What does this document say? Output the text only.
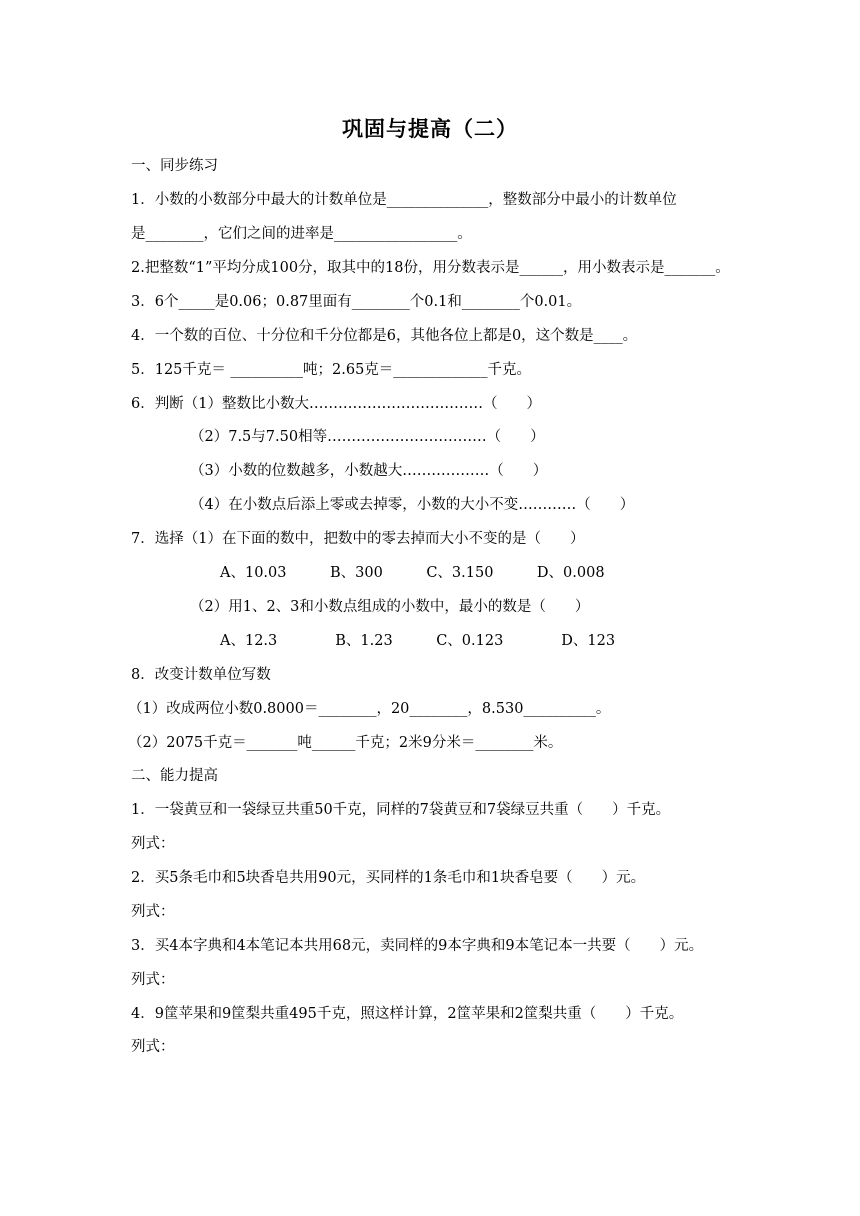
巩固与提高（二）
一、同步练习
1．小数的小数部分中最大的计数单位是______________，整数部分中最小的计数单位
是________，它们之间的进率是_________________。
2.把整数“1”平均分成100分，取其中的18份，用分数表示是______，用小数表示是_______。
3．6个_____是0.06；0.87里面有________个0.1和________个0.01。
4．一个数的百位、十分位和千分位都是6，其他各位上都是0，这个数是____。
5．125千克＝ __________吨；2.65克＝_____________千克。
6．判断（1）整数比小数大………………………………（　　）
（2）7.5与7.50相等……………………………（　　）
（3）小数的位数越多，小数越大………………（　　）
（4）在小数点后添上零或去掉零，小数的大小不变…………（　　）
7．选择（1）在下面的数中，把数中的零去掉而大小不变的是（　　）
A、10.03　　　B、300　　　C、3.150　　　D、0.008
（2）用1、2、3和小数点组成的小数中，最小的数是（　　）
A、12.3　　　　B、1.23　　　C、0.123　　　　D、123
8．改变计数单位写数
（1）改成两位小数0.8000＝________，20________，8.530__________。
（2）2075千克＝_______吨______千克；2米9分米＝________米。
二、能力提高
1．一袋黄豆和一袋绿豆共重50千克，同样的7袋黄豆和7袋绿豆共重（　　）千克。
列式：
2．买5条毛巾和5块香皂共用90元，买同样的1条毛巾和1块香皂要（　　）元。
列式：
3．买4本字典和4本笔记本共用68元，卖同样的9本字典和9本笔记本一共要（　　）元。
列式：
4．9筐苹果和9筐梨共重495千克，照这样计算，2筐苹果和2筐梨共重（　　）千克。
列式：
